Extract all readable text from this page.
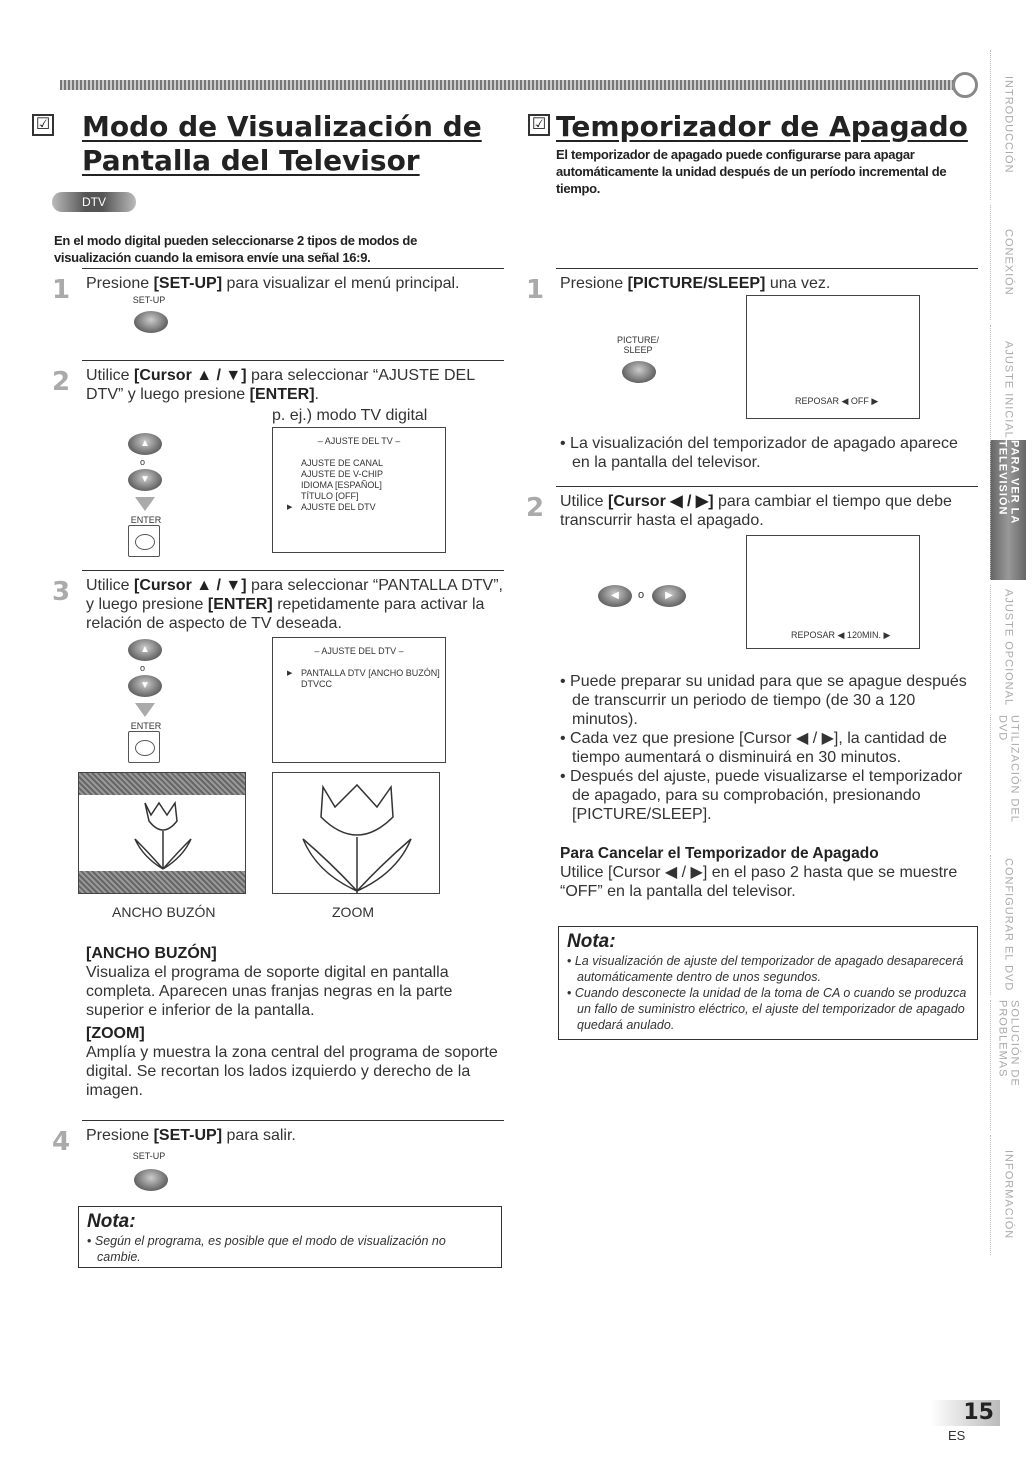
INTRODUCCIÓN
CONEXIÓN
AJUSTE INICIAL
PARA VER LA TELEVISIÓN
AJUSTE OPCIONAL
UTILIZACIÓN DEL DVD
CONFIGURAR EL DVD
SOLUCIÓN DE PROBLEMAS
INFORMACIÓN
☑ Modo de Visualización de
Pantalla del Televisor
DTV

En el modo digital pueden seleccionarse 2 tipos de modos de visualización cuando la emisora envíe una señal 16:9.

1 Presione [SET-UP] para visualizar el menú principal.
SET-UP
2 Utilice [Cursor ▲ / ▼] para seleccionar “AJUSTE DEL DTV” y luego presione [ENTER].
p. ej.) modo TV digital
▲
o
▼
ENTER
– AJUSTE DEL TV –
AJUSTE DE CANAL
AJUSTE DE V-CHIP
IDIOMA [ESPAÑOL]
TÍTULO [OFF]
▶ AJUSTE DEL DTV
3 Utilice [Cursor ▲ / ▼] para seleccionar “PANTALLA DTV”, y luego presione [ENTER] repetidamente para activar la relación de aspecto de TV deseada.
▲
o
▼
ENTER
– AJUSTE DEL DTV –
▶ PANTALLA DTV [ANCHO BUZÓN]
DTVCC
ANCHO BUZÓN	ZOOM
[ANCHO BUZÓN]
Visualiza el programa de soporte digital en pantalla completa. Aparecen unas franjas negras en la parte superior e inferior de la pantalla.
[ZOOM]
Amplía y muestra la zona central del programa de soporte digital. Se recortan los lados izquierdo y derecho de la imagen.
4 Presione [SET-UP] para salir.
SET-UP
Nota:
• Según el programa, es posible que el modo de visualización no cambie.
☑ Temporizador de Apagado

El temporizador de apagado puede configurarse para apagar automáticamente la unidad después de un período incremental de tiempo.

1 Presione [PICTURE/SLEEP] una vez.
PICTURE/
SLEEP
REPOSAR ◀ OFF ▶
• La visualización del temporizador de apagado aparece en la pantalla del televisor.
2 Utilice [Cursor ◀ / ▶] para cambiar el tiempo que debe transcurrir hasta el apagado.
◀	o	▶
REPOSAR ◀ 120MIN. ▶
• Puede preparar su unidad para que se apague después de transcurrir un periodo de tiempo (de 30 a 120 minutos).
• Cada vez que presione [Cursor ◀ / ▶], la cantidad de tiempo aumentará o disminuirá en 30 minutos.
• Después del ajuste, puede visualizarse el temporizador de apagado, para su comprobación, presionando [PICTURE/SLEEP].
Para Cancelar el Temporizador de Apagado
Utilice [Cursor ◀ / ▶] en el paso 2 hasta que se muestre “OFF” en la pantalla del televisor.
Nota:
• La visualización de ajuste del temporizador de apagado desaparecerá automáticamente dentro de unos segundos.
• Cuando desconecte la unidad de la toma de CA o cuando se produzca un fallo de suministro eléctrico, el ajuste del temporizador de apagado quedará anulado.
15
ES
